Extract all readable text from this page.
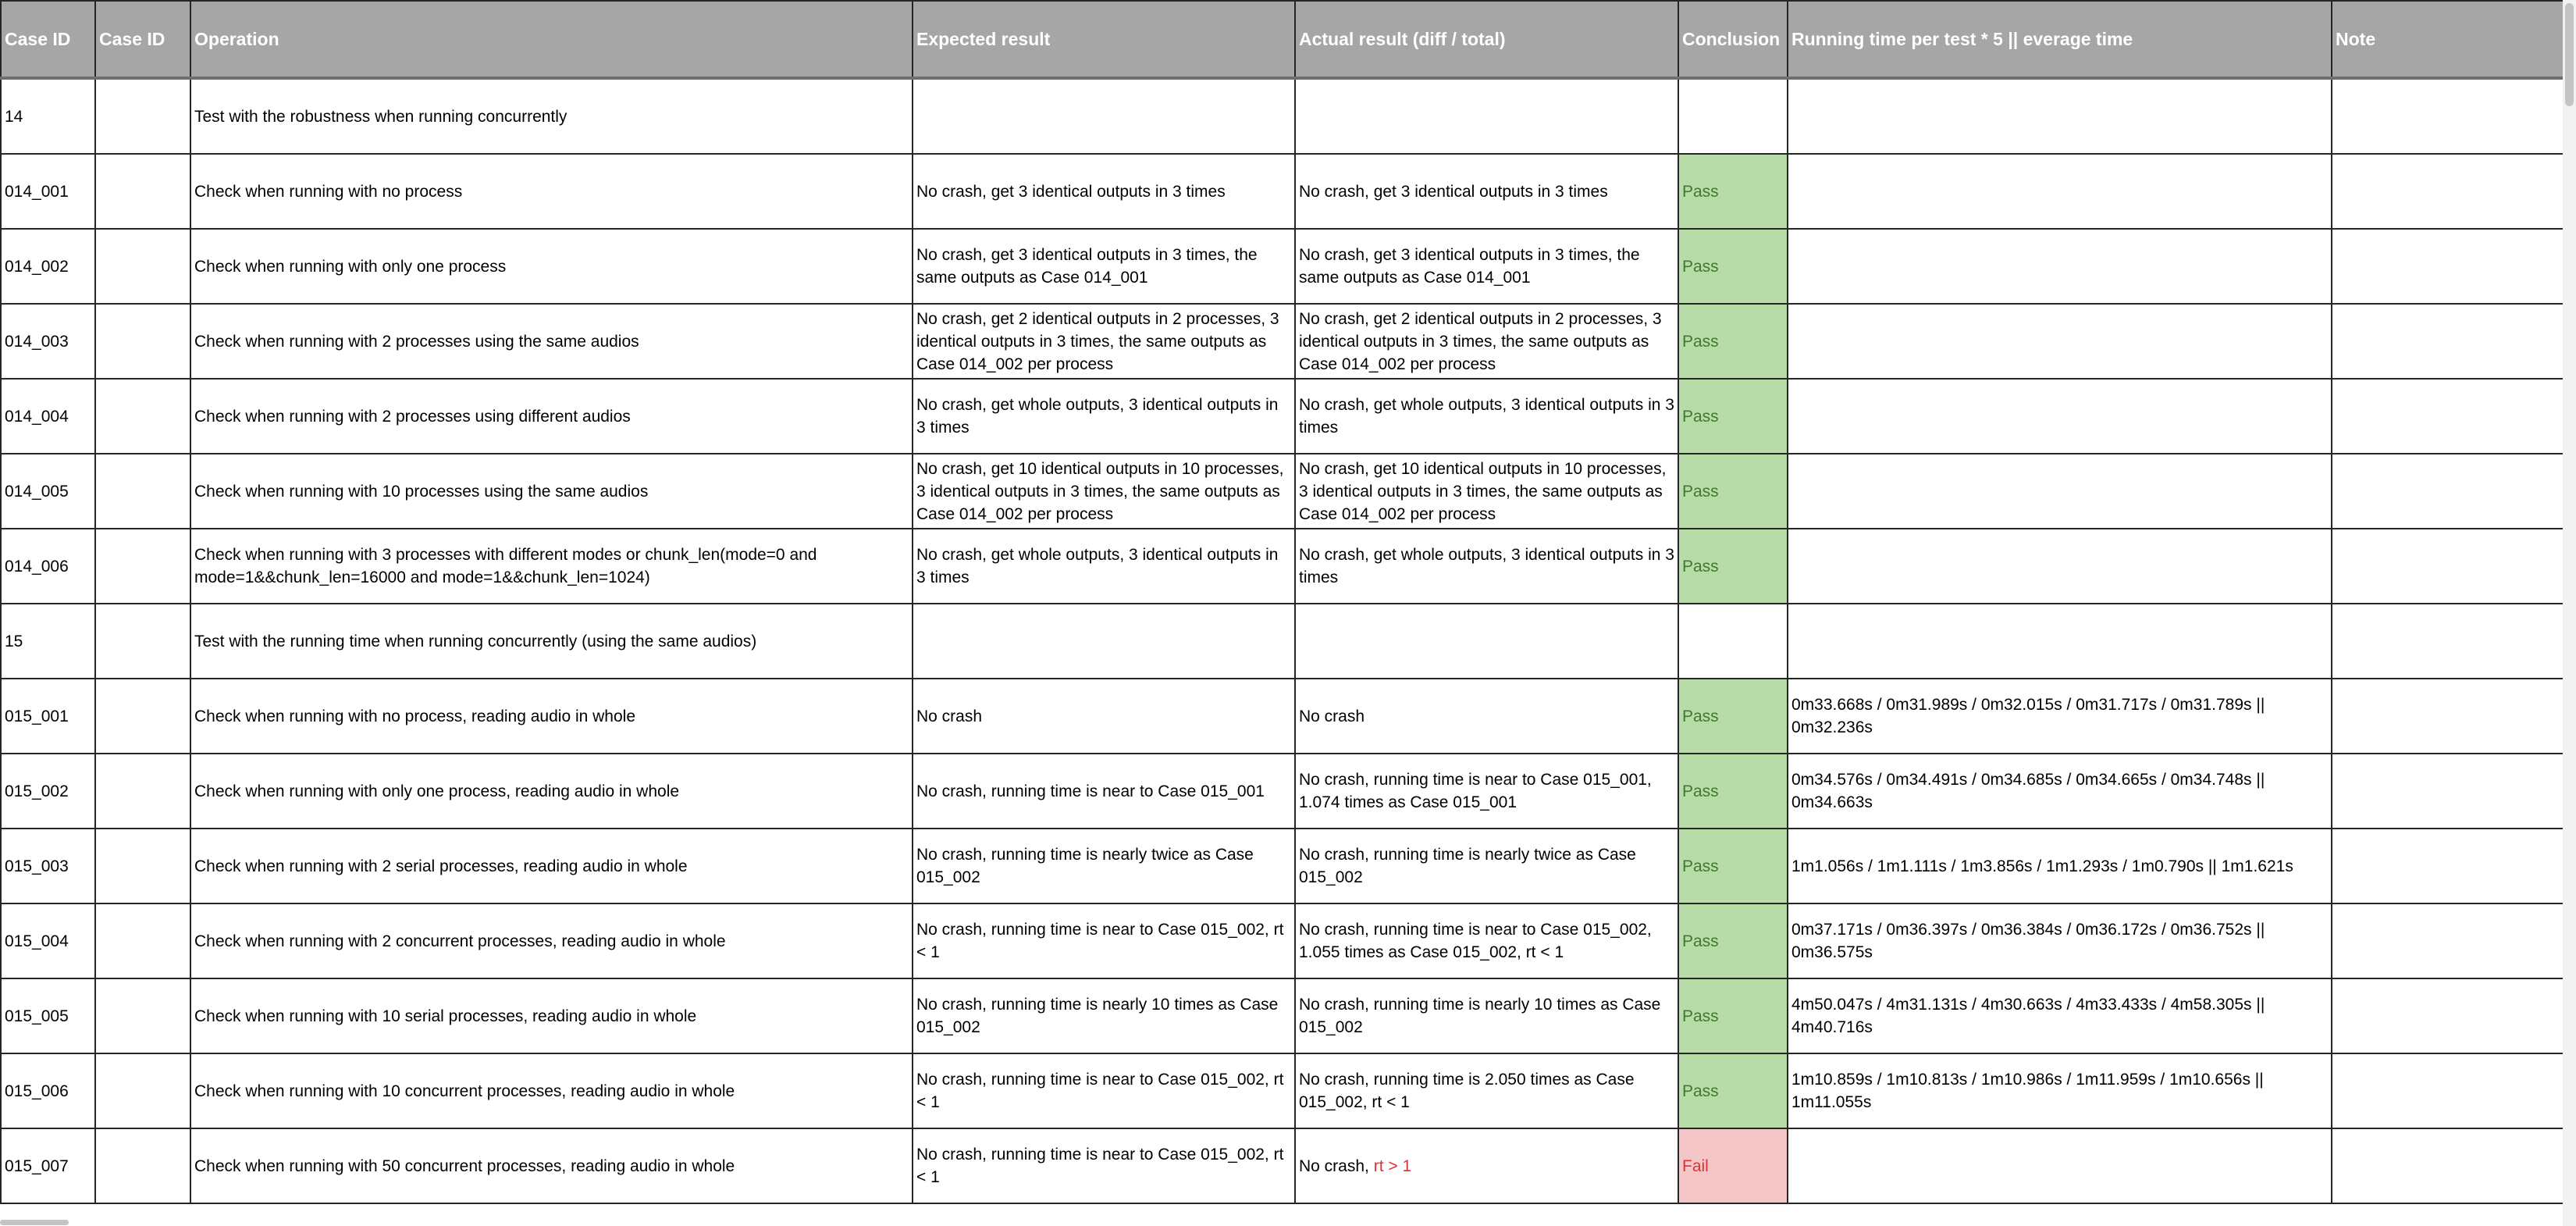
Case ID	Case ID	Operation	Expected result	Actual result (diff / total)	Conclusion	Running time per test * 5 || everage time	Note
14		Test with the robustness when running concurrently					
014_001		Check when running with no process	No crash, get 3 identical outputs in 3 times	No crash, get 3 identical outputs in 3 times	Pass		
014_002		Check when running with only one process	No crash, get 3 identical outputs in 3 times, the same outputs as Case 014_001	No crash, get 3 identical outputs in 3 times, the same outputs as Case 014_001	Pass		
014_003		Check when running with 2 processes using the same audios	No crash, get 2 identical outputs in 2 processes, 3 identical outputs in 3 times, the same outputs as Case 014_002 per process	No crash, get 2 identical outputs in 2 processes, 3 identical outputs in 3 times, the same outputs as Case 014_002 per process	Pass		
014_004		Check when running with 2 processes using different audios	No crash, get whole outputs, 3 identical outputs in 3 times	No crash, get whole outputs, 3 identical outputs in 3 times	Pass		
014_005		Check when running with 10 processes using the same audios	No crash, get 10 identical outputs in 10 processes, 3 identical outputs in 3 times, the same outputs as Case 014_002 per process	No crash, get 10 identical outputs in 10 processes, 3 identical outputs in 3 times, the same outputs as Case 014_002 per process	Pass		
014_006		Check when running with 3 processes with different modes or chunk_len(mode=0 and mode=1&&chunk_len=16000 and mode=1&&chunk_len=1024)	No crash, get whole outputs, 3 identical outputs in 3 times	No crash, get whole outputs, 3 identical outputs in 3 times	Pass		
15		Test with the running time when running concurrently (using the same audios)					
015_001		Check when running with no process, reading audio in whole	No crash	No crash	Pass	0m33.668s / 0m31.989s / 0m32.015s / 0m31.717s / 0m31.789s || 0m32.236s	
015_002		Check when running with only one process, reading audio in whole	No crash, running time is near to Case 015_001	No crash, running time is near to Case 015_001, 1.074 times as Case 015_001	Pass	0m34.576s / 0m34.491s / 0m34.685s / 0m34.665s / 0m34.748s || 0m34.663s	
015_003		Check when running with 2 serial processes, reading audio in whole	No crash, running time is nearly twice as Case 015_002	No crash, running time is nearly twice as Case 015_002	Pass	1m1.056s / 1m1.111s / 1m3.856s / 1m1.293s / 1m0.790s || 1m1.621s	
015_004		Check when running with 2 concurrent processes, reading audio in whole	No crash, running time is near to Case 015_002, rt < 1	No crash, running time is near to Case 015_002, 1.055 times as Case 015_002, rt < 1	Pass	0m37.171s / 0m36.397s / 0m36.384s / 0m36.172s / 0m36.752s || 0m36.575s	
015_005		Check when running with 10 serial processes, reading audio in whole	No crash, running time is nearly 10 times as Case 015_002	No crash, running time is nearly 10 times as Case 015_002	Pass	4m50.047s / 4m31.131s / 4m30.663s / 4m33.433s / 4m58.305s || 4m40.716s	
015_006		Check when running with 10 concurrent processes, reading audio in whole	No crash, running time is near to Case 015_002, rt < 1	No crash, running time is 2.050 times as Case 015_002, rt < 1	Pass	1m10.859s / 1m10.813s / 1m10.986s / 1m11.959s / 1m10.656s || 1m11.055s	
015_007		Check when running with 50 concurrent processes, reading audio in whole	No crash, running time is near to Case 015_002, rt < 1	No crash, rt > 1	Fail		
